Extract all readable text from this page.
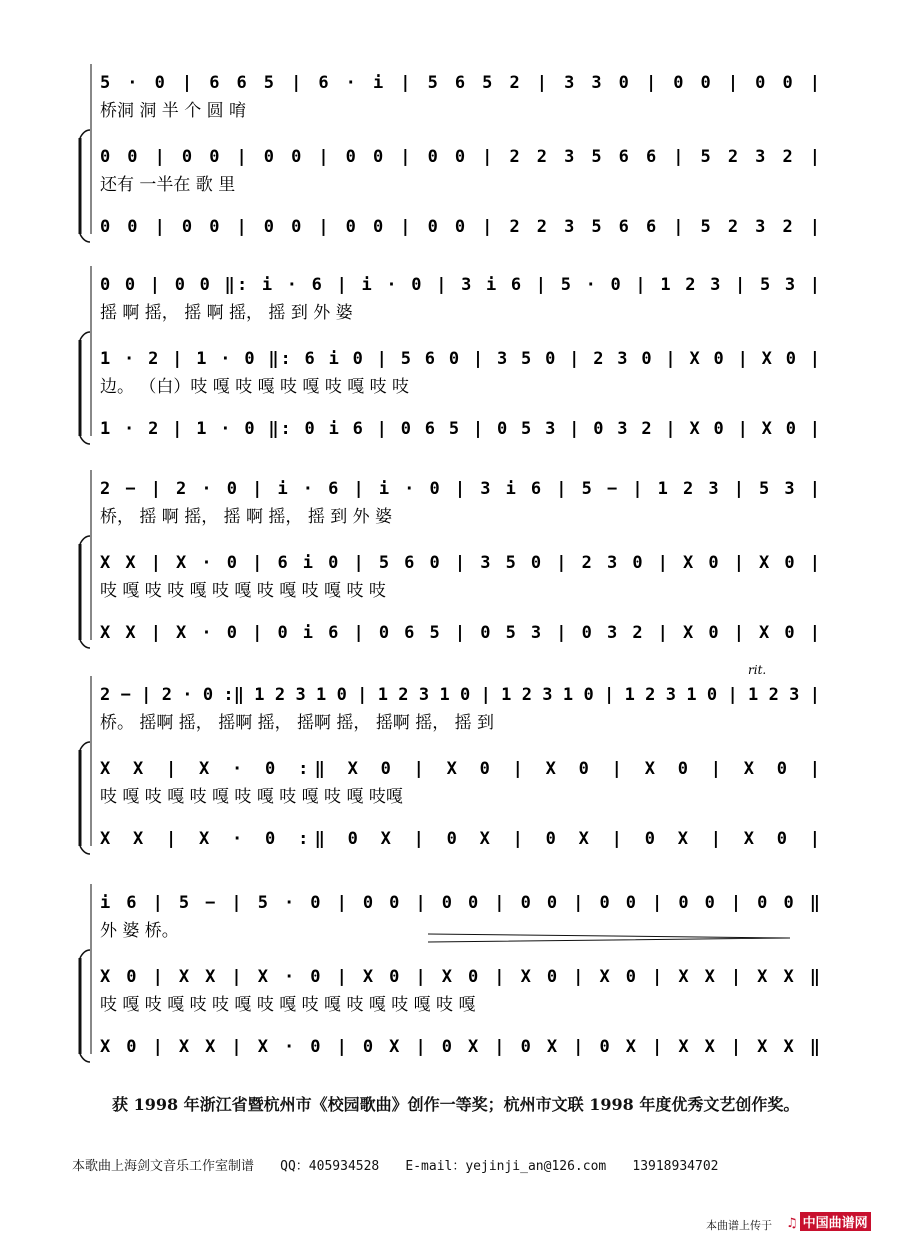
5 · 0 | 6 6 5 | 6 · i | 5 6 5 2 | 3 3 0 | 0 0 | 0 0 |
桥洞 洞 半 个 圆 唷
0 0 | 0 0 | 0 0 | 0 0 | 0 0 | 2 2 3 5 6 6 | 5 2 3 2 |
还有 一半在 歌 里
0 0 | 0 0 | 0 0 | 0 0 | 0 0 | 2 2 3 5 6 6 | 5 2 3 2 |
0 0 | 0 0 ‖: i · 6 | i · 0 | 3 i 6 | 5 · 0 | 1 2 3 | 5 3 |
摇 啊 摇， 摇 啊 摇， 摇 到 外 婆
1 · 2 | 1 · 0 ‖: 6 i 0 | 5 6 0 | 3 5 0 | 2 3 0 | X 0 | X 0 |
边。 （白）吱 嘎 吱 嘎 吱 嘎 吱 嘎 吱 吱
1 · 2 | 1 · 0 ‖: 0 i 6 | 0 6 5 | 0 5 3 | 0 3 2 | X 0 | X 0 |
2 − | 2 · 0 | i · 6 | i · 0 | 3 i 6 | 5 − | 1 2 3 | 5 3 |
桥， 摇 啊 摇， 摇 啊 摇， 摇 到 外 婆
X X | X · 0 | 6 i 0 | 5 6 0 | 3 5 0 | 2 3 0 | X 0 | X 0 |
吱 嘎 吱 吱 嘎 吱 嘎 吱 嘎 吱 嘎 吱 吱
X X | X · 0 | 0 i 6 | 0 6 5 | 0 5 3 | 0 3 2 | X 0 | X 0 |
rit.
2 − | 2 · 0 :‖ 1 2 3 1 0 | 1 2 3 1 0 | 1 2 3 1 0 | 1 2 3 1 0 | 1 2 3 |
桥。 摇啊 摇， 摇啊 摇， 摇啊 摇， 摇啊 摇， 摇 到
X X | X · 0 :‖ X 0 | X 0 | X 0 | X 0 | X 0 |
吱 嘎 吱 嘎 吱 嘎 吱 嘎 吱 嘎 吱 嘎 吱嘎
X X | X · 0 :‖ 0 X | 0 X | 0 X | 0 X | X 0 |
i 6 | 5 − | 5 · 0 | 0 0 | 0 0 | 0 0 | 0 0 | 0 0 | 0 0 ‖
外 婆 桥。
X 0 | X X | X · 0 | X 0 | X 0 | X 0 | X 0 | X X | X X ‖
吱 嘎 吱 嘎 吱 吱 嘎 吱 嘎 吱 嘎 吱 嘎 吱 嘎 吱 嘎
X 0 | X X | X · 0 | 0 X | 0 X | 0 X | 0 X | X X | X X ‖
获 1998 年浙江省暨杭州市《校园歌曲》创作一等奖；杭州市文联 1998 年度优秀文艺创作奖。
本歌曲上海剑文音乐工作室制谱 QQ：405934528 E-mail：yejinji_an@126.com 13918934702
本曲谱上传于 ♫ 中国曲谱网
